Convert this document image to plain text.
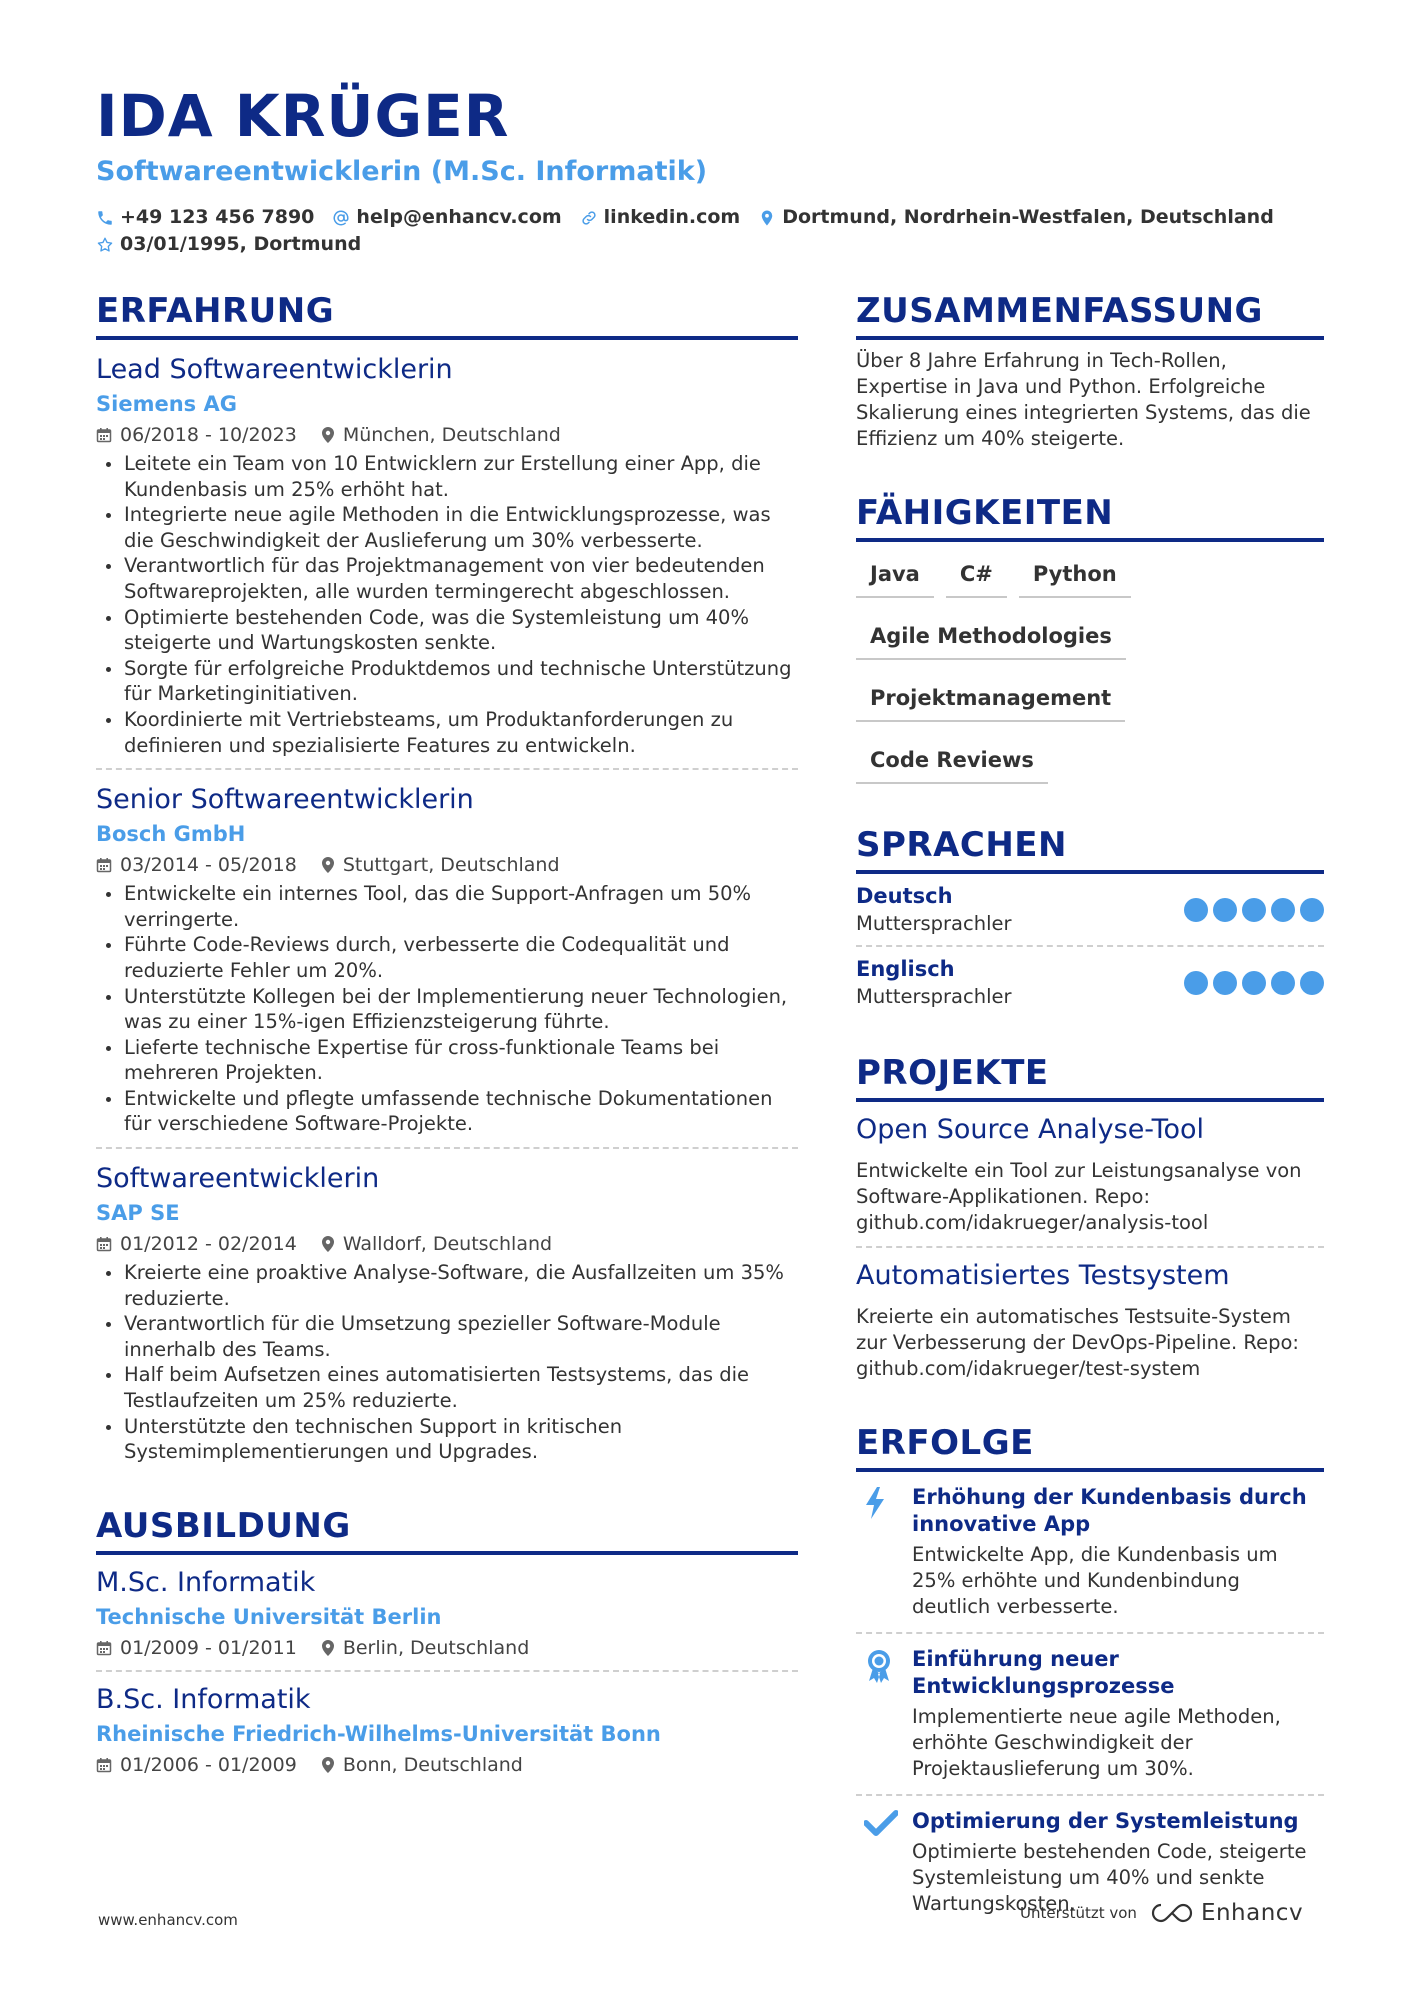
IDA KRÜGER
Softwareentwicklerin (M.Sc. Informatik)
+49 123 456 7890 help@enhancv.com linkedin.com Dortmund, Nordrhein-Westfalen, Deutschland
03/01/1995, Dortmund
ERFAHRUNG
Lead Softwareentwicklerin
Siemens AG
06/2018 - 10/2023 München, Deutschland
Leitete ein Team von 10 Entwicklern zur Erstellung einer App, die Kundenbasis um 25% erhöht hat.
Integrierte neue agile Methoden in die Entwicklungsprozesse, was die Geschwindigkeit der Auslieferung um 30% verbesserte.
Verantwortlich für das Projektmanagement von vier bedeutenden Softwareprojekten, alle wurden termingerecht abgeschlossen.
Optimierte bestehenden Code, was die Systemleistung um 40% steigerte und Wartungskosten senkte.
Sorgte für erfolgreiche Produktdemos und technische Unterstützung für Marketinginitiativen.
Koordinierte mit Vertriebsteams, um Produktanforderungen zu definieren und spezialisierte Features zu entwickeln.
Senior Softwareentwicklerin
Bosch GmbH
03/2014 - 05/2018 Stuttgart, Deutschland
Entwickelte ein internes Tool, das die Support-Anfragen um 50% verringerte.
Führte Code-Reviews durch, verbesserte die Codequalität und reduzierte Fehler um 20%.
Unterstützte Kollegen bei der Implementierung neuer Technologien, was zu einer 15%-igen Effizienzsteigerung führte.
Lieferte technische Expertise für cross-funktionale Teams bei mehreren Projekten.
Entwickelte und pflegte umfassende technische Dokumentationen für verschiedene Software-Projekte.
Softwareentwicklerin
SAP SE
01/2012 - 02/2014 Walldorf, Deutschland
Kreierte eine proaktive Analyse-Software, die Ausfallzeiten um 35% reduzierte.
Verantwortlich für die Umsetzung spezieller Software-Module innerhalb des Teams.
Half beim Aufsetzen eines automatisierten Testsystems, das die Testlaufzeiten um 25% reduzierte.
Unterstützte den technischen Support in kritischen Systemimplementierungen und Upgrades.
AUSBILDUNG
M.Sc. Informatik
Technische Universität Berlin
01/2009 - 01/2011 Berlin, Deutschland
B.Sc. Informatik
Rheinische Friedrich-Wilhelms-Universität Bonn
01/2006 - 01/2009 Bonn, Deutschland
ZUSAMMENFASSUNG
Über 8 Jahre Erfahrung in Tech-Rollen, Expertise in Java und Python. Erfolgreiche Skalierung eines integrierten Systems, das die Effizienz um 40% steigerte.
FÄHIGKEITEN
Java	C#	Python
Agile Methodologies
Projektmanagement
Code Reviews
SPRACHEN
Deutsch
Muttersprachler
Englisch
Muttersprachler
PROJEKTE
Open Source Analyse-Tool
Entwickelte ein Tool zur Leistungsanalyse von Software-Applikationen. Repo: github.com/idakrueger/analysis-tool
Automatisiertes Testsystem
Kreierte ein automatisches Testsuite-System zur Verbesserung der DevOps-Pipeline. Repo: github.com/idakrueger/test-system
ERFOLGE
Erhöhung der Kundenbasis durch innovative App
Entwickelte App, die Kundenbasis um 25% erhöhte und Kundenbindung deutlich verbesserte.
Einführung neuer Entwicklungsprozesse
Implementierte neue agile Methoden, erhöhte Geschwindigkeit der Projektauslieferung um 30%.
Optimierung der Systemleistung
Optimierte bestehenden Code, steigerte Systemleistung um 40% und senkte Wartungskosten.
www.enhancv.com	Unterstützt von	Enhancv
